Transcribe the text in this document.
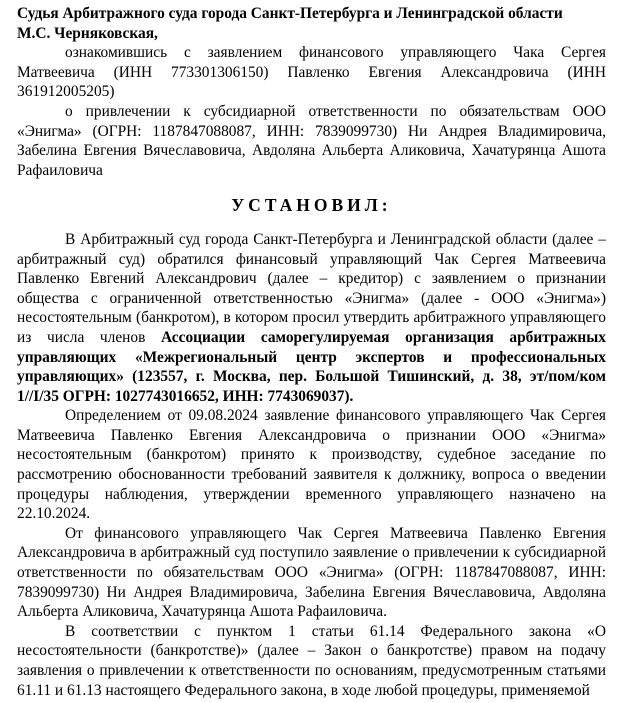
Судья Арбитражного суда города Санкт-Петербурга и Ленинградской области

М.С. Черняковская,

ознакомившись с заявлением финансового управляющего Чака Сергея Матвеевича (ИНН 773301306150) Павленко Евгения Александровича (ИНН 361912005205)

о привлечении к субсидиарной ответственности по обязательствам ООО «Энигма» (ОГРН: 1187847088087, ИНН: 7839099730) Ни Андрея Владимировича, Забелина Евгения Вячеславовича, Авдоляна Альберта Аликовича, Хачатурянца Ашота Рафаиловича

УСТАНОВИЛ:

В Арбитражный суд города Санкт-Петербурга и Ленинградской области (далее – арбитражный суд) обратился финансовый управляющий Чак Сергея Матвеевича Павленко Евгений Александрович (далее – кредитор) с заявлением о признании общества с ограниченной ответственностью «Энигма» (далее - ООО «Энигма») несостоятельным (банкротом), в котором просил утвердить арбитражного управляющего из числа членов Ассоциации саморегулируемая организация арбитражных управляющих «Межрегиональный центр экспертов и профессиональных управляющих» (123557, г. Москва, пер. Большой Тишинский, д. 38, эт/пом/ком 1//I/35 ОГРН: 1027743016652, ИНН: 7743069037).

Определением от 09.08.2024 заявление финансового управляющего Чак Сергея Матвеевича Павленко Евгения Александровича о признании ООО «Энигма» несостоятельным (банкротом) принято к производству, судебное заседание по рассмотрению обоснованности требований заявителя к должнику, вопроса о введении процедуры наблюдения, утверждении временного управляющего назначено на 22.10.2024.

От финансового управляющего Чак Сергея Матвеевича Павленко Евгения Александровича в арбитражный суд поступило заявление о привлечении к субсидиарной ответственности по обязательствам ООО «Энигма» (ОГРН: 1187847088087, ИНН: 7839099730) Ни Андрея Владимировича, Забелина Евгения Вячеславовича, Авдоляна Альберта Аликовича, Хачатурянца Ашота Рафаиловича.

В соответствии с пунктом 1 статьи 61.14 Федерального закона «О несостоятельности (банкротстве)» (далее – Закон о банкротстве) правом на подачу заявления о привлечении к ответственности по основаниям, предусмотренным статьями 61.11 и 61.13 настоящего Федерального закона, в ходе любой процедуры, применяемой
